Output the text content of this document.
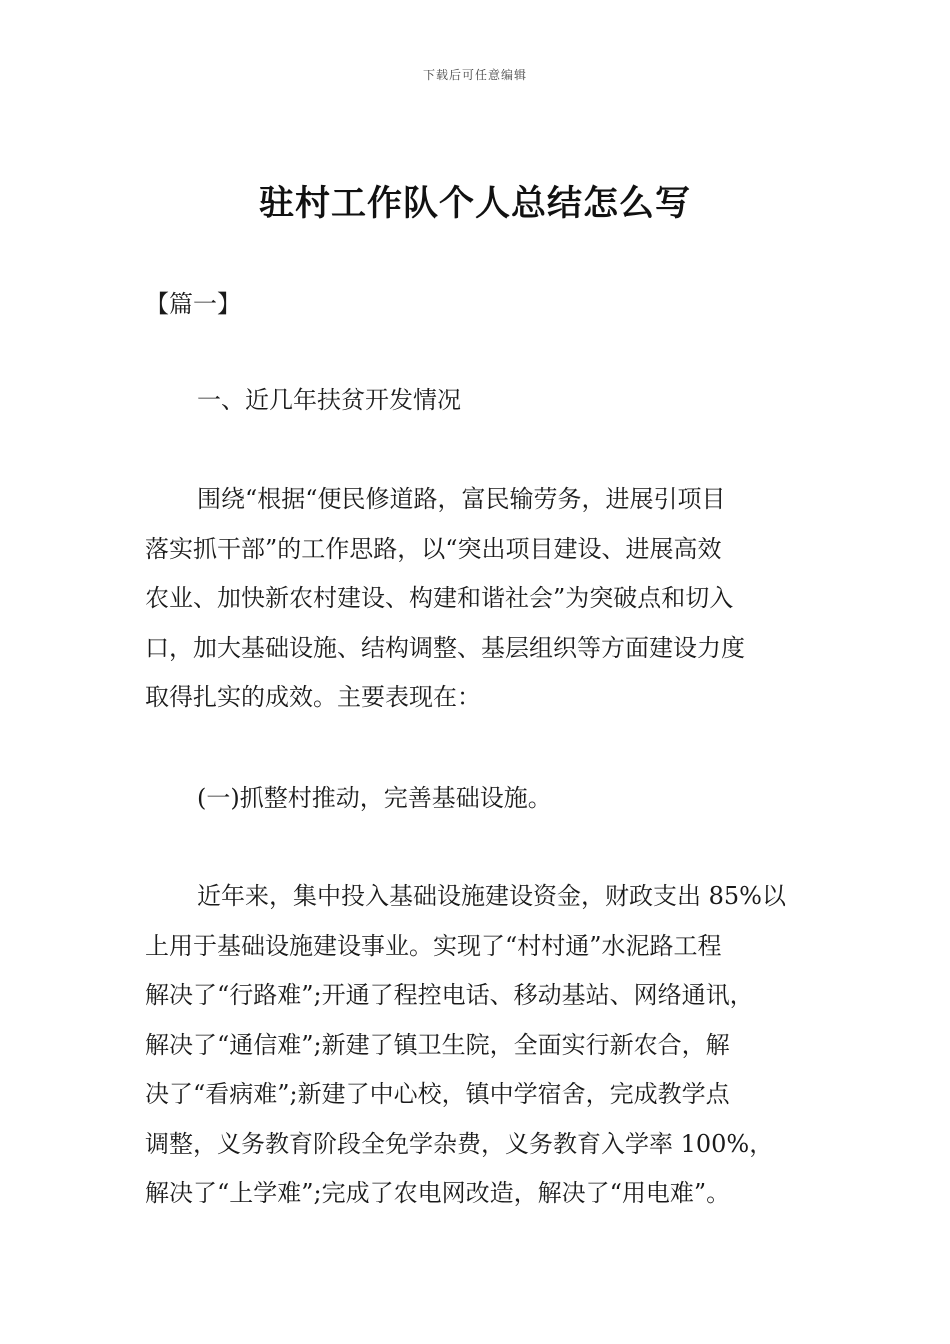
下载后可任意编辑
驻村工作队个人总结怎么写
【篇一】
一、近几年扶贫开发情况
围绕“根据“便民修道路，富民输劳务，进展引项目
落实抓干部”的工作思路，以“突出项目建设、进展高效
农业、加快新农村建设、构建和谐社会”为突破点和切入
口，加大基础设施、结构调整、基层组织等方面建设力度
取得扎实的成效。主要表现在：
(一)抓整村推动，完善基础设施。
近年来，集中投入基础设施建设资金，财政支出 85%以
上用于基础设施建设事业。实现了“村村通”水泥路工程
解决了“行路难”;开通了程控电话、移动基站、网络通讯，
解决了“通信难”;新建了镇卫生院，全面实行新农合，解
决了“看病难”;新建了中心校，镇中学宿舍，完成教学点
调整，义务教育阶段全免学杂费，义务教育入学率 100%，
解决了“上学难”;完成了农电网改造，解决了“用电难”。
